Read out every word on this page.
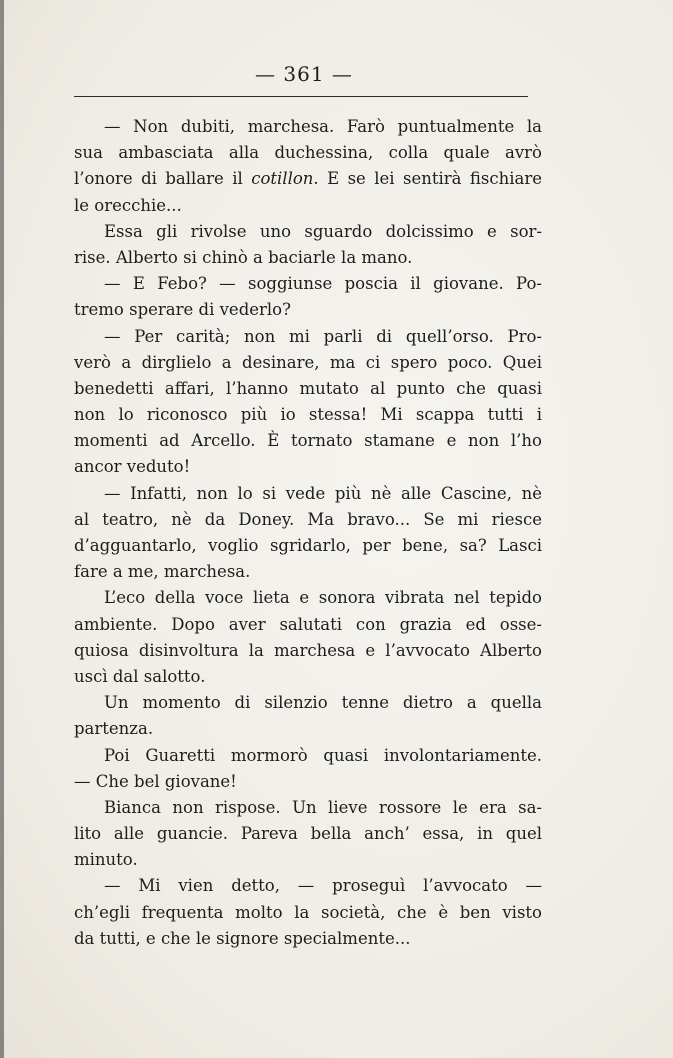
— 361 —
— Non dubiti, marchesa. Farò puntualmente la
sua ambasciata alla duchessina, colla quale avrò
l’onore di ballare il cotillon. E se lei sentirà fischiare
le orecchie...
Essa gli rivolse uno sguardo dolcissimo e sor-
rise. Alberto si chinò a baciarle la mano.
— E Febo? — soggiunse poscia il giovane. Po-
tremo sperare di vederlo?
— Per carità; non mi parli di quell’orso. Pro-
verò a dirglielo a desinare, ma ci spero poco. Quei
benedetti affari, l’hanno mutato al punto che quasi
non lo riconosco più io stessa! Mi scappa tutti i
momenti ad Arcello. È tornato stamane e non l’ho
ancor veduto!
— Infatti, non lo si vede più nè alle Cascine, nè
al teatro, nè da Doney. Ma bravo... Se mi riesce
d’agguantarlo, voglio sgridarlo, per bene, sa? Lasci
fare a me, marchesa.
L’eco della voce lieta e sonora vibrata nel tepido
ambiente. Dopo aver salutati con grazia ed osse-
quiosa disinvoltura la marchesa e l’avvocato Alberto
uscì dal salotto.
Un momento di silenzio tenne dietro a quella
partenza.
Poi Guaretti mormorò quasi involontariamente.
— Che bel giovane!
Bianca non rispose. Un lieve rossore le era sa-
lito alle guancie. Pareva bella anch’ essa, in quel
minuto.
— Mi vien detto, — proseguì l’avvocato —
ch’egli frequenta molto la società, che è ben visto
da tutti, e che le signore specialmente...
